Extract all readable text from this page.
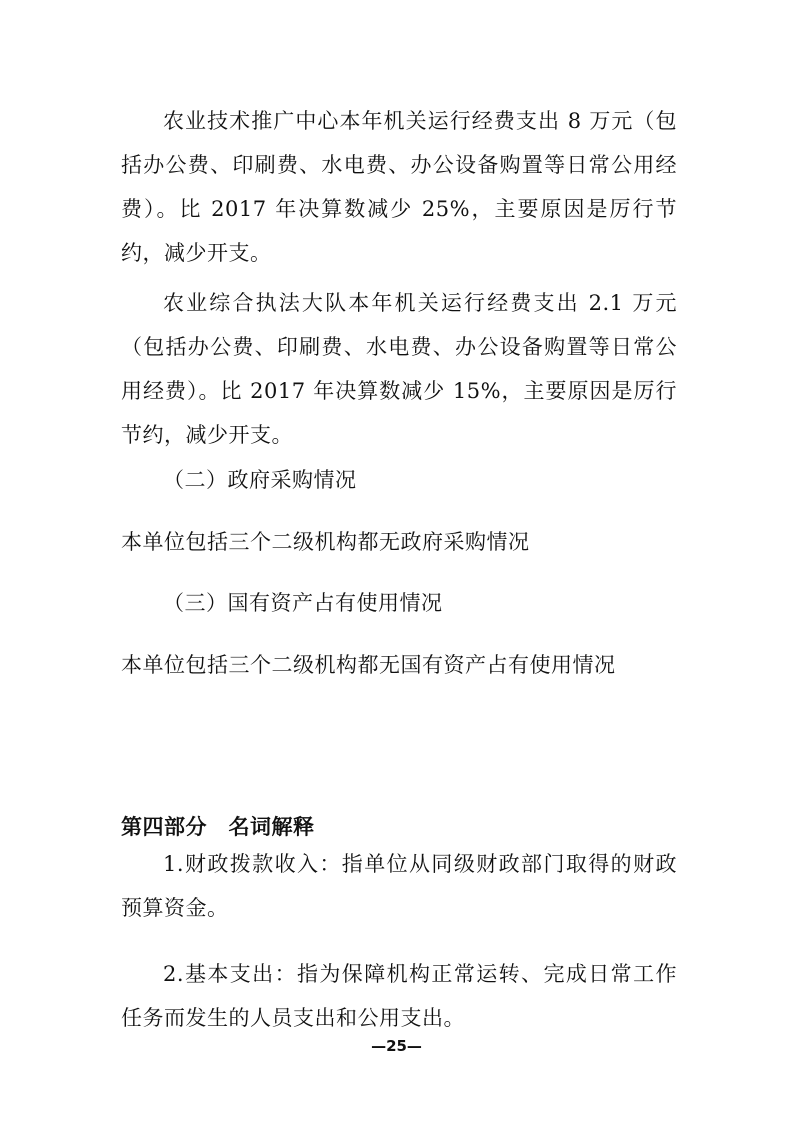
农业技术推广中心本年机关运行经费支出 8 万元（包括办公费、印刷费、水电费、办公设备购置等日常公用经费）。比 2017 年决算数减少 25%，主要原因是厉行节约，减少开支。

农业综合执法大队本年机关运行经费支出 2.1 万元（包括办公费、印刷费、水电费、办公设备购置等日常公用经费）。比 2017 年决算数减少 15%，主要原因是厉行节约，减少开支。

（二）政府采购情况

本单位包括三个二级机构都无政府采购情况

（三）国有资产占有使用情况

本单位包括三个二级机构都无国有资产占有使用情况

第四部分　名词解释

1.财政拨款收入：指单位从同级财政部门取得的财政预算资金。

2.基本支出：指为保障机构正常运转、完成日常工作任务而发生的人员支出和公用支出。

—25—
